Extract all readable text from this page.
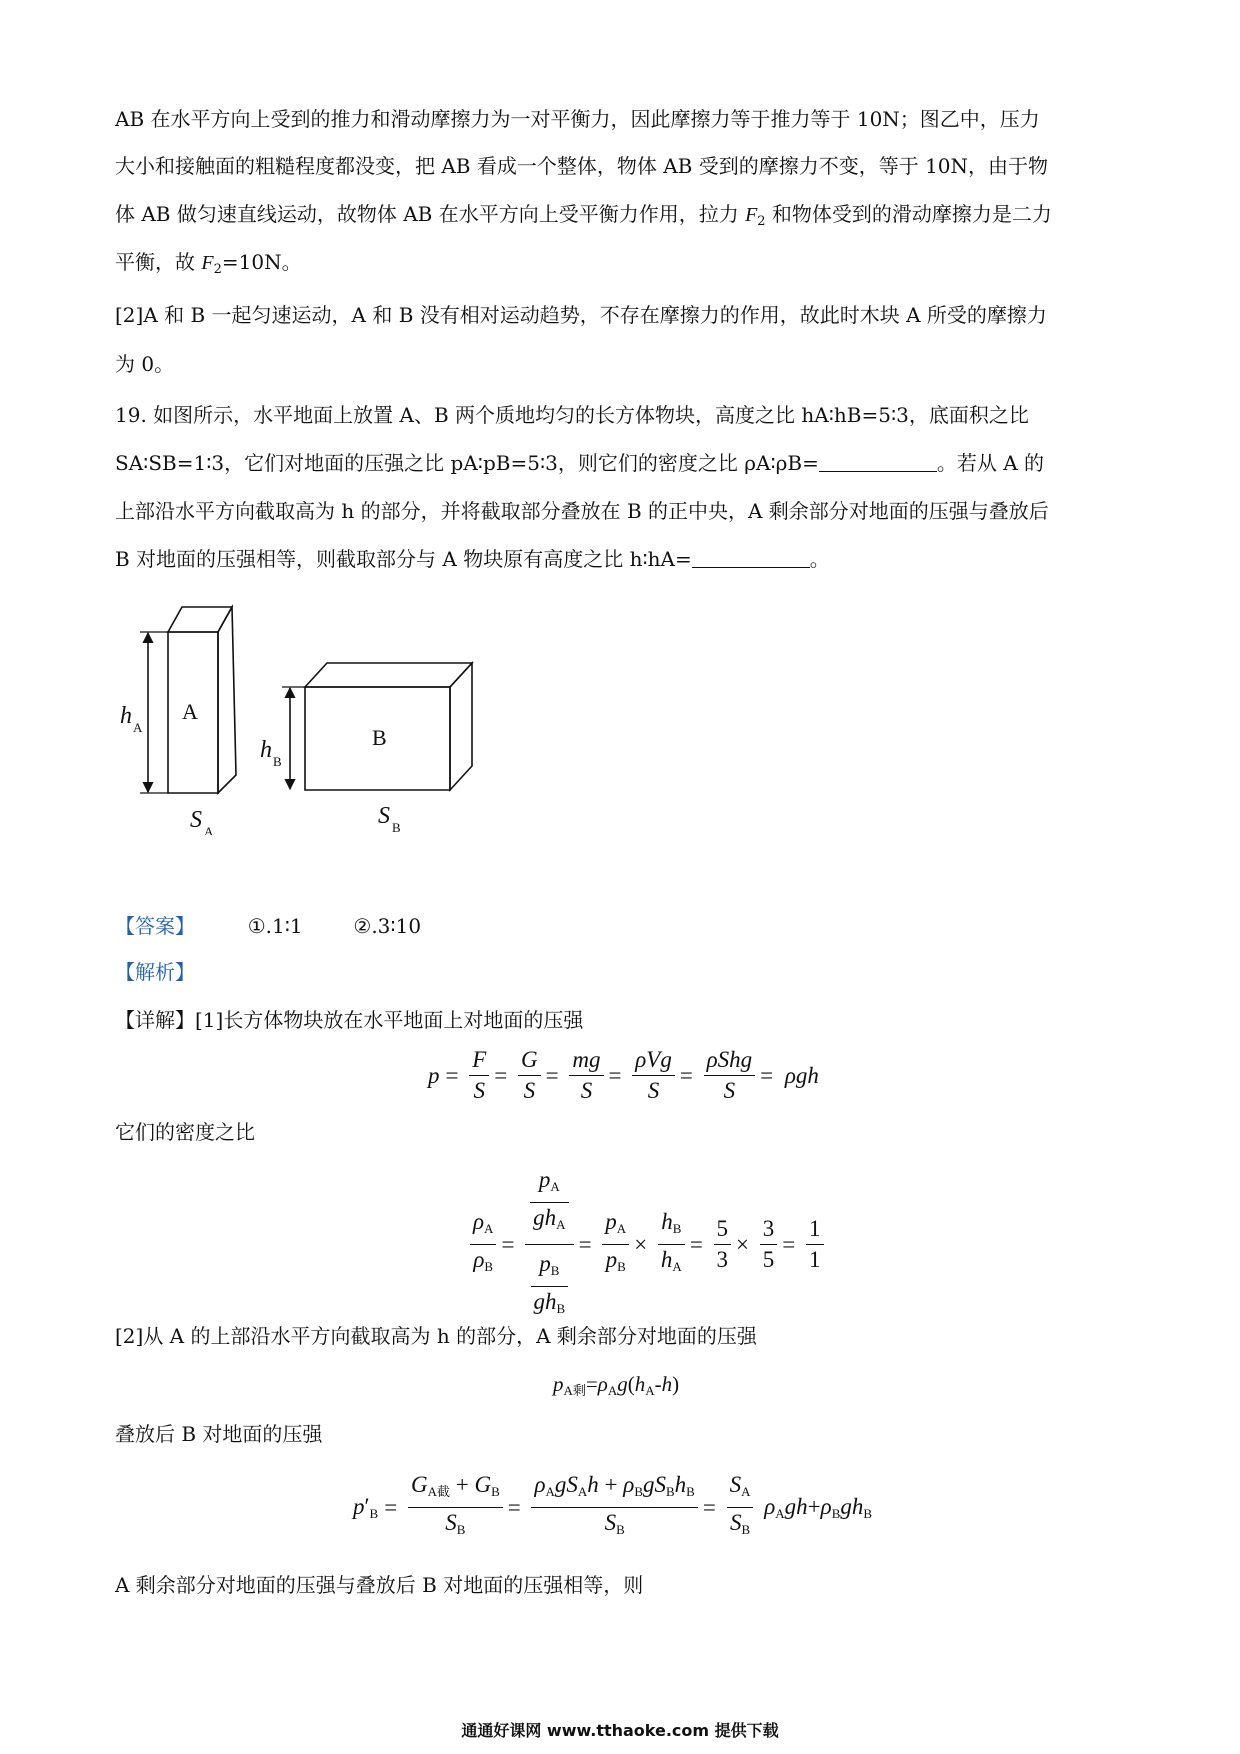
AB 在水平方向上受到的推力和滑动摩擦力为一对平衡力，因此摩擦力等于推力等于 10N；图乙中，压力
大小和接触面的粗糙程度都没变，把 AB 看成一个整体，物体 AB 受到的摩擦力不变，等于 10N，由于物
体 AB 做匀速直线运动，故物体 AB 在水平方向上受平衡力作用，拉力 $F_2$ 和物体受到的滑动摩擦力是二力
平衡，故 $F_2=10N$。
[2]A 和 B 一起匀速运动，A 和 B 没有相对运动趋势，不存在摩擦力的作用，故此时木块 A 所受的摩擦力
为 0。
19. 如图所示，水平地面上放置 A、B 两个质地均匀的长方体物块，高度之比 hA∶hB=5∶3，底面积之比
SA∶SB=1∶3，它们对地面的压强之比 pA∶pB=5∶3，则它们的密度之比 ρA∶ρB=	。若从 A 的
上部沿水平方向截取高为 h 的部分，并将截取部分叠放在 B 的正中央，A 剩余部分对地面的压强与叠放后
B 对地面的压强相等，则截取部分与 A 物块原有高度之比 h∶hA=	。
A
B
h A
h B
S A
S B
【答案】	①.1∶1	②.3∶10
【解析】
【详解】[1]长方体物块放在水平地面上对地面的压强
$p = \frac{F}{S} = \frac{G}{S} = \frac{mg}{S}$ =
ρVg
S
=
ρShg
S
= ρgh
它们的密度之比
$\frac{\rho_A}{\rho_B}$ =
$p_A$
$gh_A$
$p_B$
$gh_B$
= $\frac{p_A}{p_B} \times \frac{h_B}{h_A} = \frac{5}{3} \times \frac{3}{5} = \frac{1}{1}$
[2]从 A 的上部沿水平方向截取高为 h 的部分，A 剩余部分对地面的压强
$p_{A剩}=\rho_Ag(h_A-h)$
叠放后 B 对地面的压强
$p'_B$ =
$G_{A截} + G_B$
$S_B$
=
$\rho_AgS_Ah + \rho_BgS_Bh_B$
$S_B$
= $\frac{S_A}{S_B} \rho_Agh+\rho_Bgh_B$
A 剩余部分对地面的压强与叠放后 B 对地面的压强相等，则
通通好课网 www.tthaoke.com 提供下载
